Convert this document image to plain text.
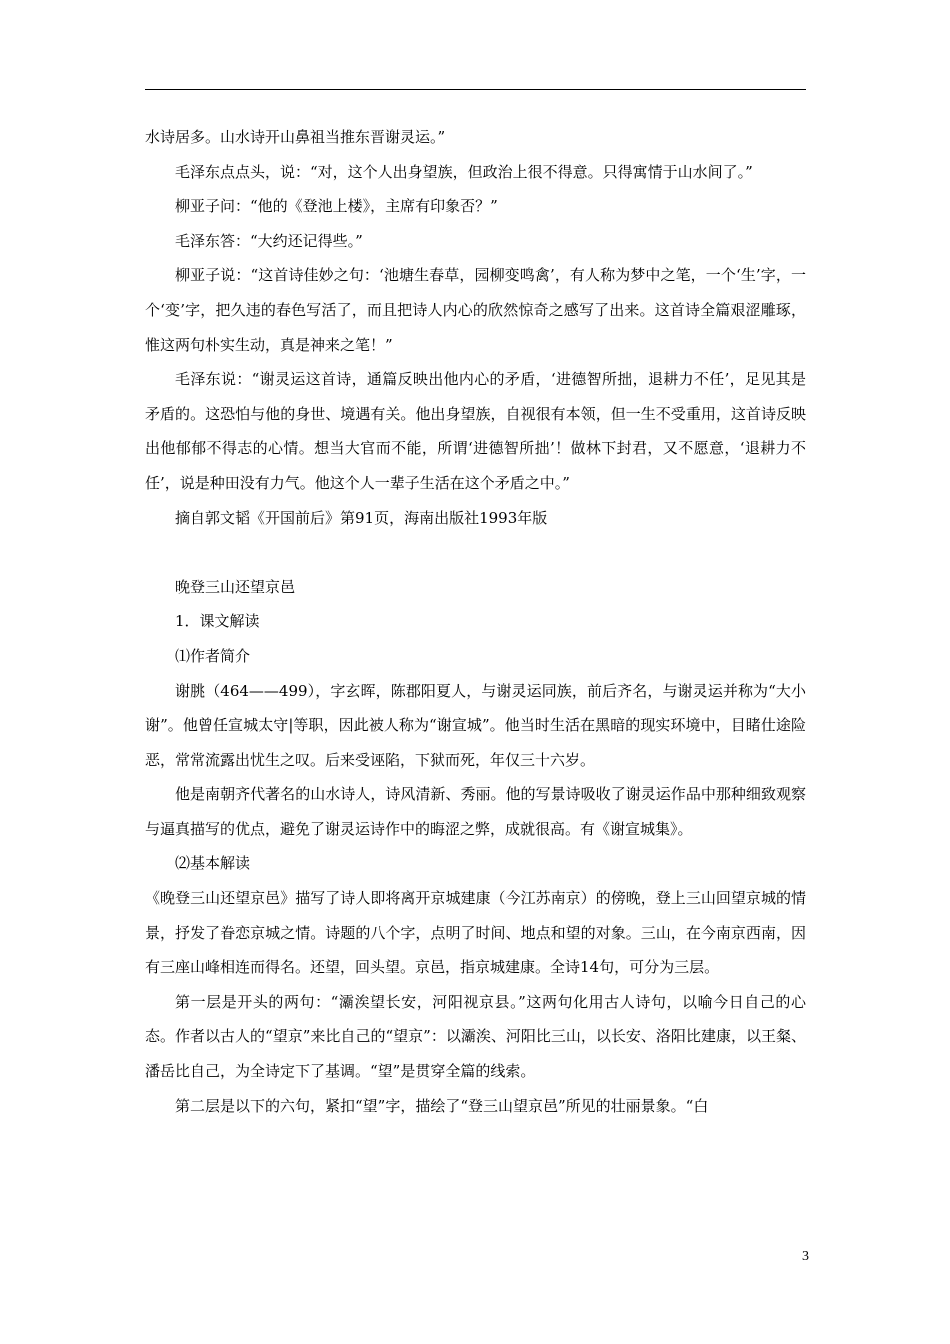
水诗居多。山水诗开山鼻祖当推东晋谢灵运。”

毛泽东点点头，说：“对，这个人出身望族，但政治上很不得意。只得寓情于山水间了。”

柳亚子问：“他的《登池上楼》，主席有印象否？”

毛泽东答：“大约还记得些。”

柳亚子说：“这首诗佳妙之句：‘池塘生春草，园柳变鸣禽’，有人称为梦中之笔，一个‘生’字，一个‘变’字，把久违的春色写活了，而且把诗人内心的欣然惊奇之感写了出来。这首诗全篇艰涩雕琢，惟这两句朴实生动，真是神来之笔！”

毛泽东说：“谢灵运这首诗，通篇反映出他内心的矛盾，‘进德智所拙，退耕力不任’，足见其是矛盾的。这恐怕与他的身世、境遇有关。他出身望族，自视很有本领，但一生不受重用，这首诗反映出他郁郁不得志的心情。想当大官而不能，所谓‘进德智所拙’！做林下封君，又不愿意，‘退耕力不任’，说是种田没有力气。他这个人一辈子生活在这个矛盾之中。”

摘自郭文韬《开国前后》第91页，海南出版社1993年版

晚登三山还望京邑

1．课文解读

⑴作者简介

谢朓（464——499），字玄晖，陈郡阳夏人，与谢灵运同族，前后齐名，与谢灵运并称为“大小谢”。他曾任宣城太守|等职，因此被人称为“谢宣城”。他当时生活在黑暗的现实环境中，目睹仕途险恶，常常流露出忧生之叹。后来受诬陷，下狱而死，年仅三十六岁。

他是南朝齐代著名的山水诗人，诗风清新、秀丽。他的写景诗吸收了谢灵运作品中那种细致观察与逼真描写的优点，避免了谢灵运诗作中的晦涩之弊，成就很高。有《谢宣城集》。

⑵基本解读

《晚登三山还望京邑》描写了诗人即将离开京城建康（今江苏南京）的傍晚，登上三山回望京城的情景，抒发了眷恋京城之情。诗题的八个字，点明了时间、地点和望的对象。三山，在今南京西南，因有三座山峰相连而得名。还望，回头望。京邑，指京城建康。全诗14句，可分为三层。

第一层是开头的两句：“灞涘望长安，河阳视京县。”这两句化用古人诗句，以喻今日自己的心态。作者以古人的“望京”来比自己的“望京”：以灞涘、河阳比三山，以长安、洛阳比建康，以王粲、潘岳比自己，为全诗定下了基调。“望”是贯穿全篇的线索。

第二层是以下的六句，紧扣“望”字，描绘了“登三山望京邑”所见的壮丽景象。“白

3
